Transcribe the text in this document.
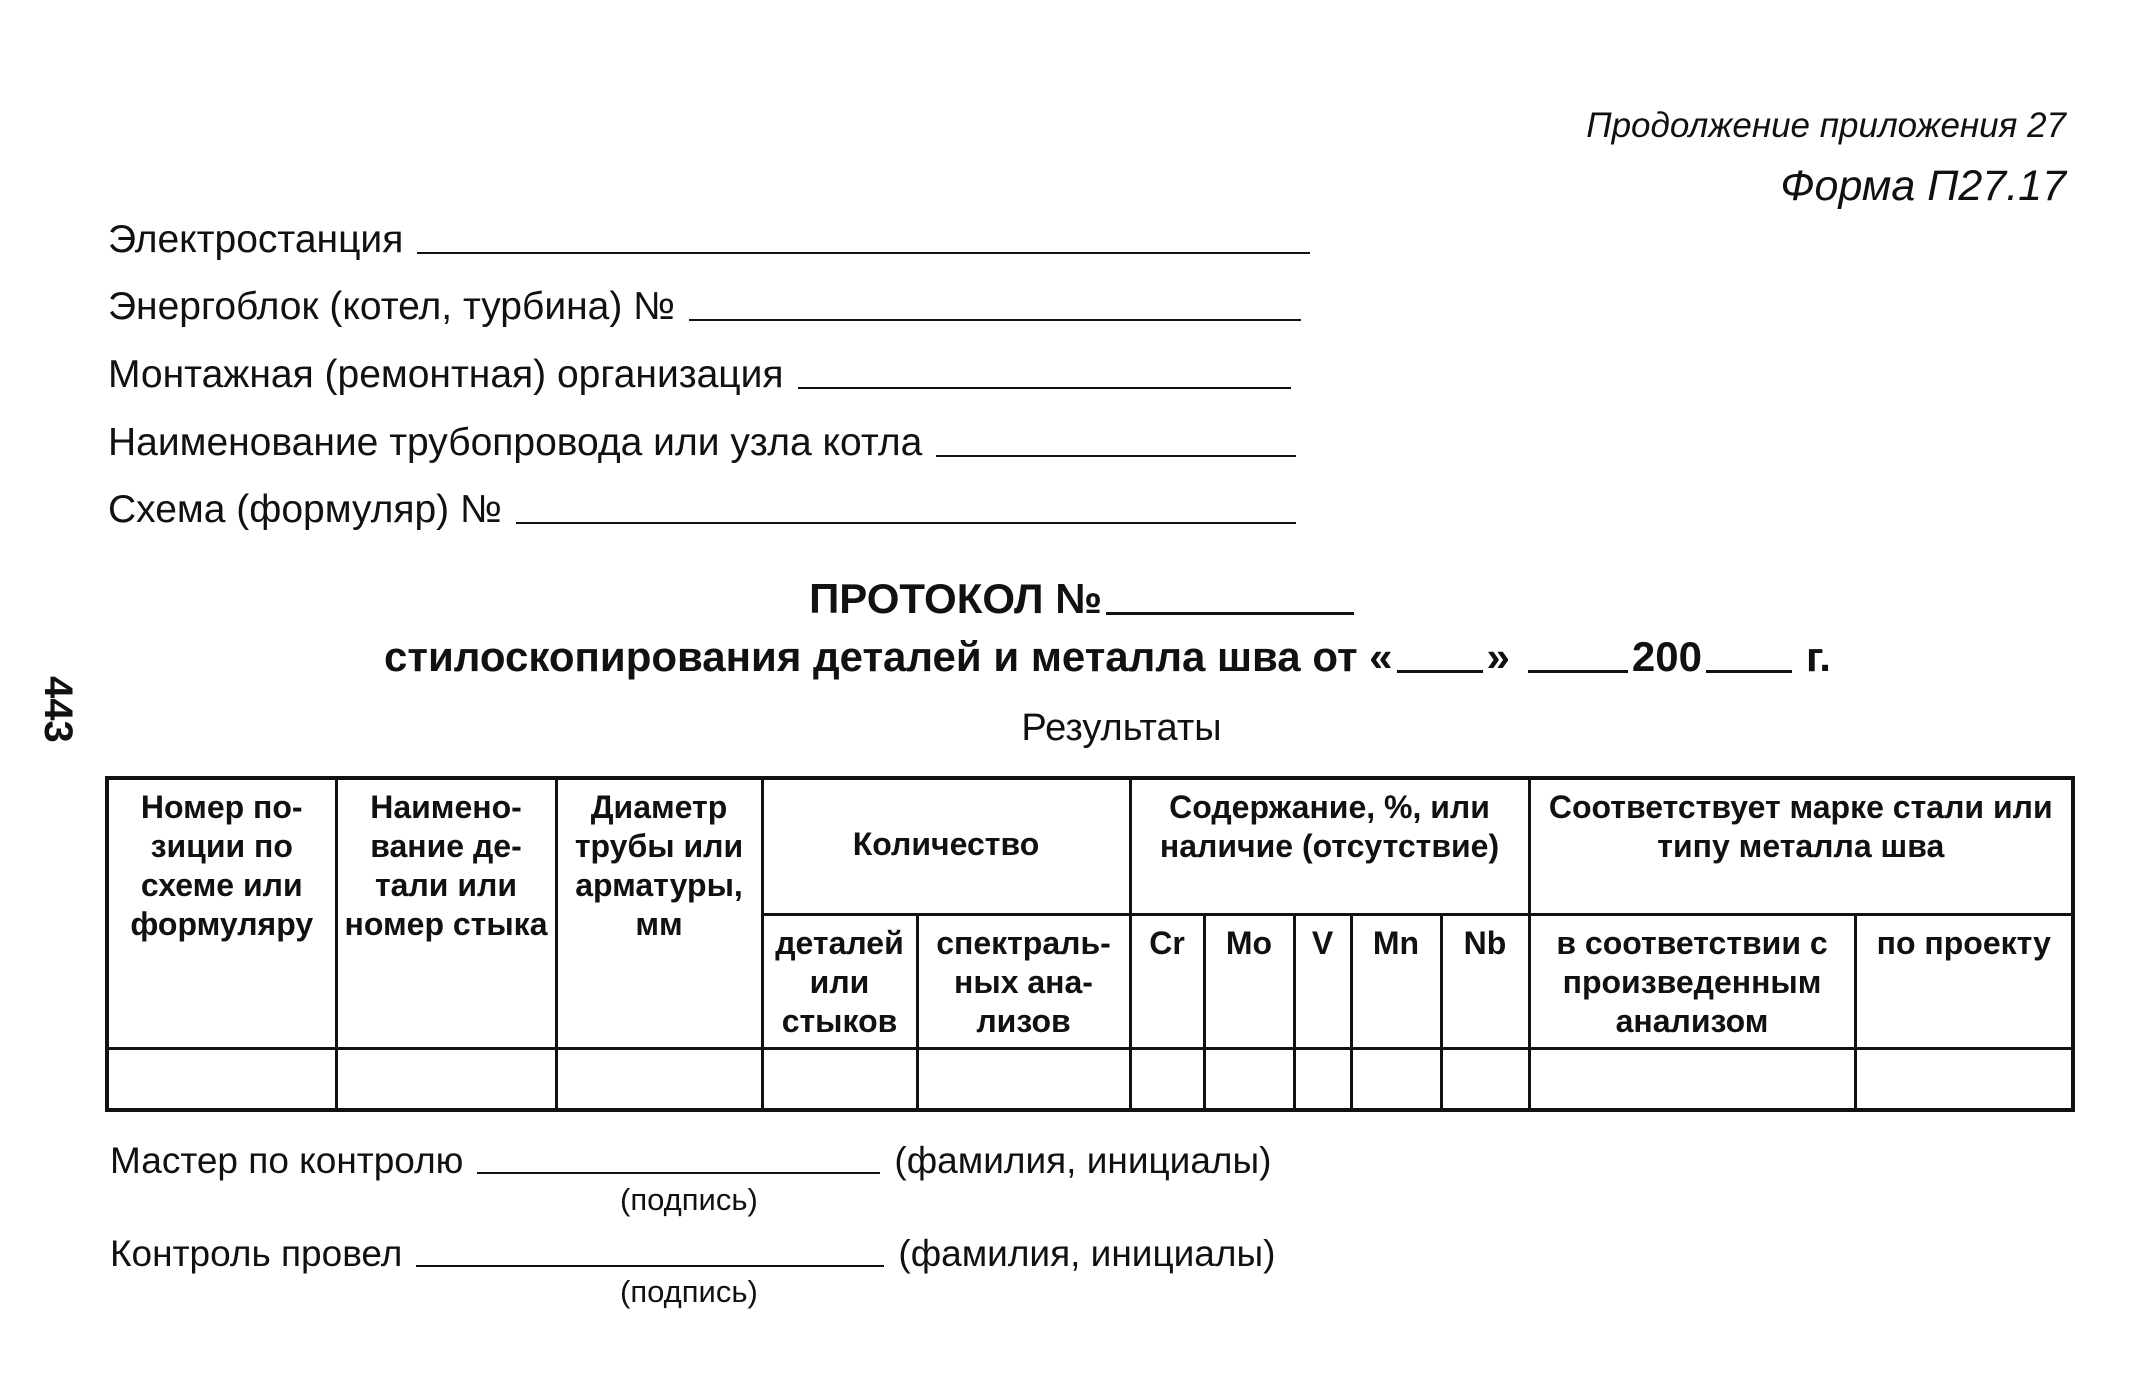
Продолжение приложения 27
Форма П27.17
443
Электростанция
Энергоблок (котел, турбина) №
Монтажная (ремонтная) организация
Наименование трубопровода или узла котла
Схема (формуляр) №
ПРОТОКОЛ №
стилоскопирования деталей и металла шва от « »	200 г.
Результаты
Номер по-зиции по схеме или формуляру	Наимено-вание де-тали или номер стыка	Диаметр трубы или арматуры, мм	Количество		Содержание, %, или наличие (отсутствие)					Соответствует марке стали или типу металла шва	
			деталей или стыков	спектраль-ных ана-лизов	Cr	Mo	V	Mn	Nb	в соответствии с произведенным анализом	по проекту

Мастер по контролю	(фамилия, инициалы)
(подпись)
Контроль провел	(фамилия, инициалы)
(подпись)
